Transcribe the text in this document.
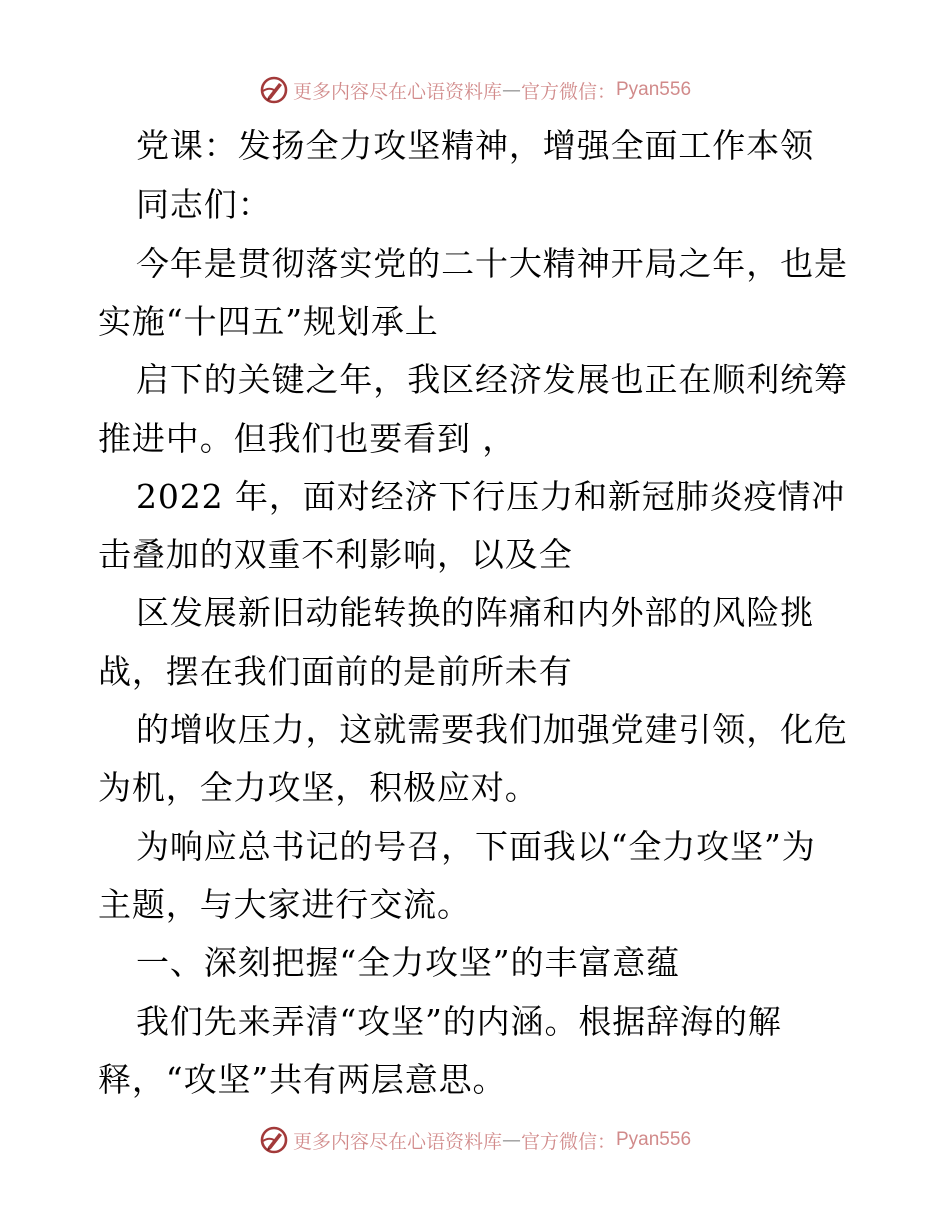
更多内容尽在心语资料库 — 官方微信： Pyan556
党课：发扬全力攻坚精神，增强全面工作本领
同志们：
今年是贯彻落实党的二十大精神开局之年，也是
实施“十四五”规划承上
启下的关键之年，我区经济发展也正在顺利统筹
推进中。但我们也要看到 ，
2022 年，面对经济下行压力和新冠肺炎疫情冲
击叠加的双重不利影响，以及全
区发展新旧动能转换的阵痛和内外部的风险挑
战，摆在我们面前的是前所未有
的增收压力，这就需要我们加强党建引领，化危
为机，全力攻坚，积极应对。
为响应总书记的号召，下面我以“全力攻坚”为
主题，与大家进行交流。
一、深刻把握“全力攻坚”的丰富意蕴
我们先来弄清“攻坚”的内涵。根据辞海的解
释，“攻坚”共有两层意思。
更多内容尽在心语资料库 — 官方微信： Pyan556
